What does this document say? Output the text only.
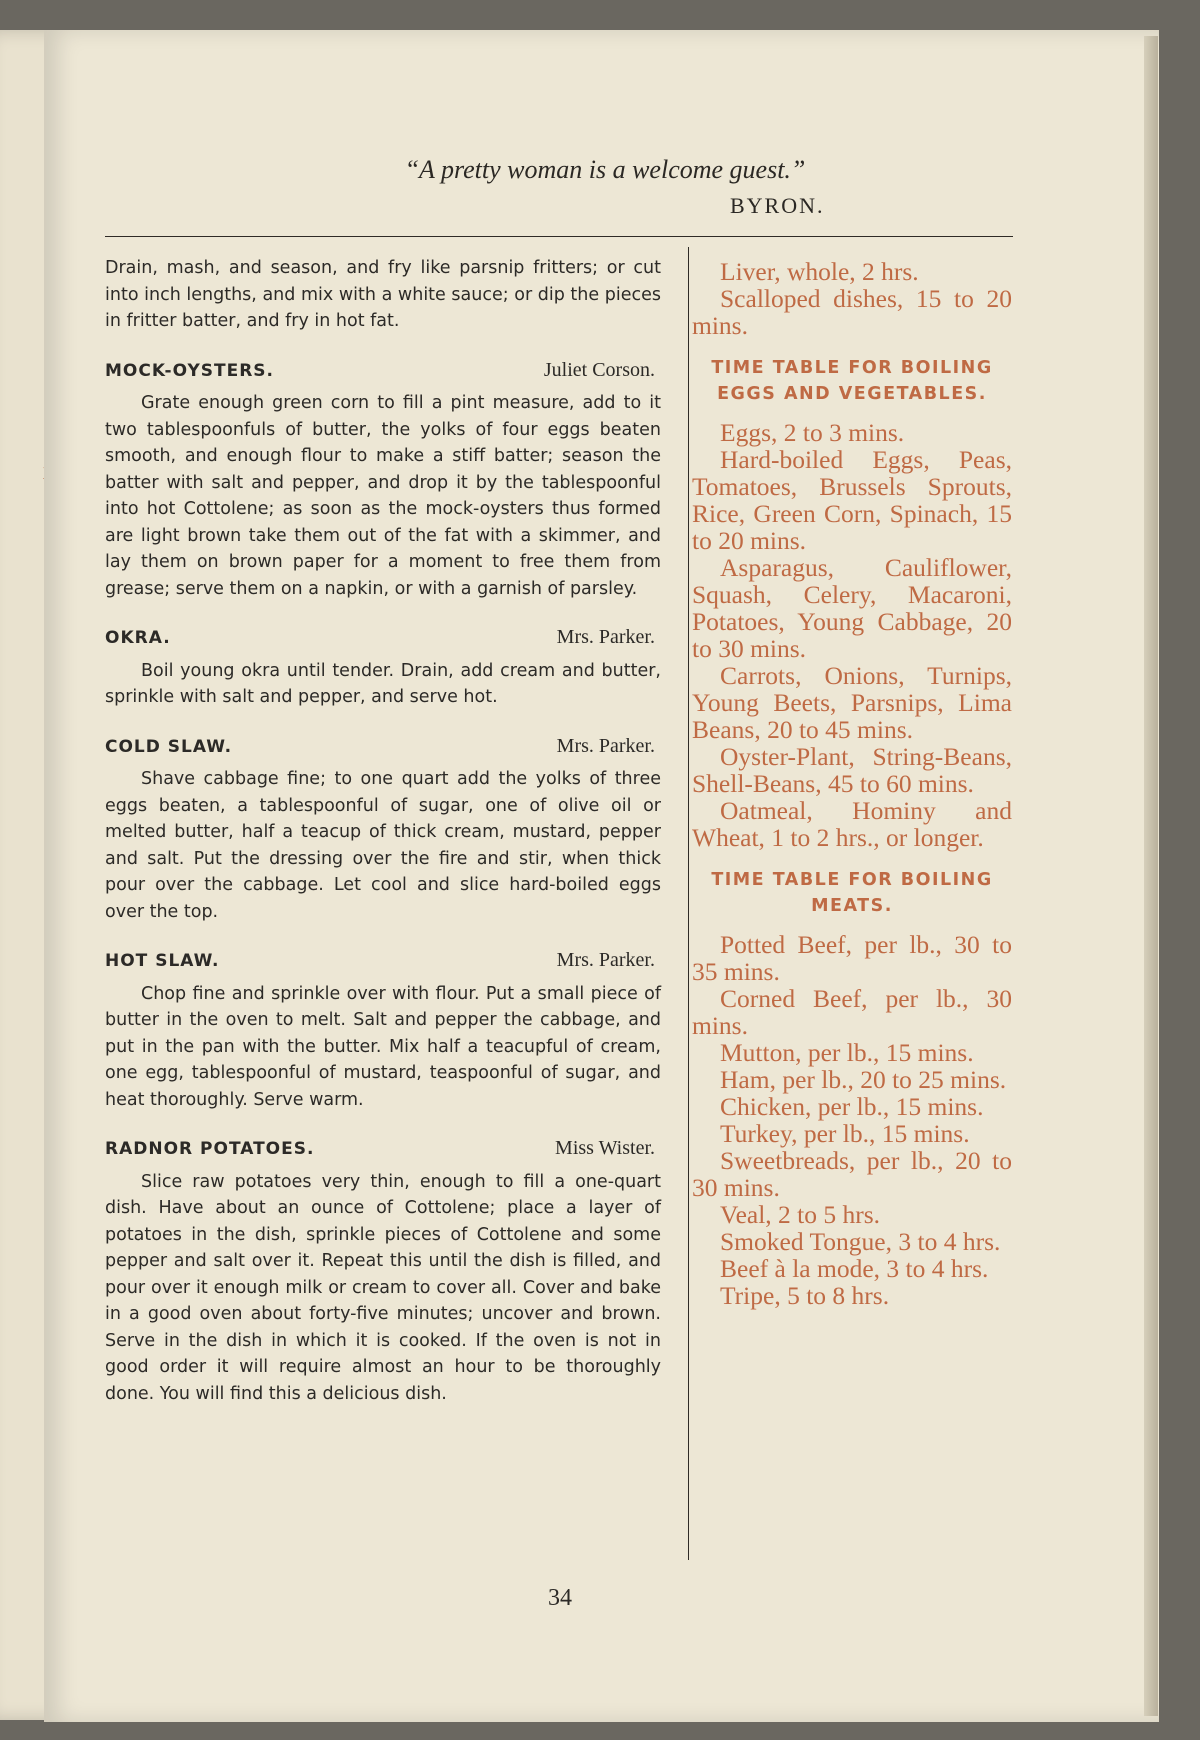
“A pretty woman is a welcome guest.”
BYRON.

Drain, mash, and season, and fry like parsnip fritters; or cut into inch lengths, and mix with a white sauce; or dip the pieces in fritter batter, and fry in hot fat.

MOCK-OYSTERS.	Juliet Corson.

Grate enough green corn to fill a pint measure, add to it two tablespoonfuls of butter, the yolks of four eggs beaten smooth, and enough flour to make a stiff batter; season the batter with salt and pepper, and drop it by the tablespoonful into hot Cottolene; as soon as the mock-oysters thus formed are light brown take them out of the fat with a skimmer, and lay them on brown paper for a moment to free them from grease; serve them on a napkin, or with a garnish of parsley.

OKRA.	Mrs. Parker.

Boil young okra until tender. Drain, add cream and butter, sprinkle with salt and pepper, and serve hot.

COLD SLAW.	Mrs. Parker.

Shave cabbage fine; to one quart add the yolks of three eggs beaten, a tablespoonful of sugar, one of olive oil or melted butter, half a teacup of thick cream, mustard, pepper and salt. Put the dressing over the fire and stir, when thick pour over the cabbage. Let cool and slice hard-boiled eggs over the top.

HOT SLAW.	Mrs. Parker.

Chop fine and sprinkle over with flour. Put a small piece of butter in the oven to melt. Salt and pepper the cabbage, and put in the pan with the butter. Mix half a teacupful of cream, one egg, tablespoonful of mustard, teaspoonful of sugar, and heat thoroughly. Serve warm.

RADNOR POTATOES.	Miss Wister.

Slice raw potatoes very thin, enough to fill a one-quart dish. Have about an ounce of Cottolene; place a layer of potatoes in the dish, sprinkle pieces of Cottolene and some pepper and salt over it. Repeat this until the dish is filled, and pour over it enough milk or cream to cover all. Cover and bake in a good oven about forty-five minutes; uncover and brown. Serve in the dish in which it is cooked. If the oven is not in good order it will require almost an hour to be thoroughly done. You will find this a delicious dish.

Liver, whole, 2 hrs.

Scalloped dishes, 15 to 20 mins.

TIME TABLE FOR BOILING EGGS AND VEGETABLES.

Eggs, 2 to 3 mins.

Hard-boiled Eggs, Peas, Tomatoes, Brussels Sprouts, Rice, Green Corn, Spinach, 15 to 20 mins.

Asparagus, Cauliflower, Squash, Celery, Macaroni, Potatoes, Young Cabbage, 20 to 30 mins.

Carrots, Onions, Turnips, Young Beets, Parsnips, Lima Beans, 20 to 45 mins.

Oyster-Plant, String-Beans, Shell-Beans, 45 to 60 mins.

Oatmeal, Hominy and Wheat, 1 to 2 hrs., or longer.

TIME TABLE FOR BOILING MEATS.

Potted Beef, per lb., 30 to 35 mins.

Corned Beef, per lb., 30 mins.

Mutton, per lb., 15 mins.

Ham, per lb., 20 to 25 mins.

Chicken, per lb., 15 mins.

Turkey, per lb., 15 mins.

Sweetbreads, per lb., 20 to 30 mins.

Veal, 2 to 5 hrs.

Smoked Tongue, 3 to 4 hrs.

Beef à la mode, 3 to 4 hrs.

Tripe, 5 to 8 hrs.

34
